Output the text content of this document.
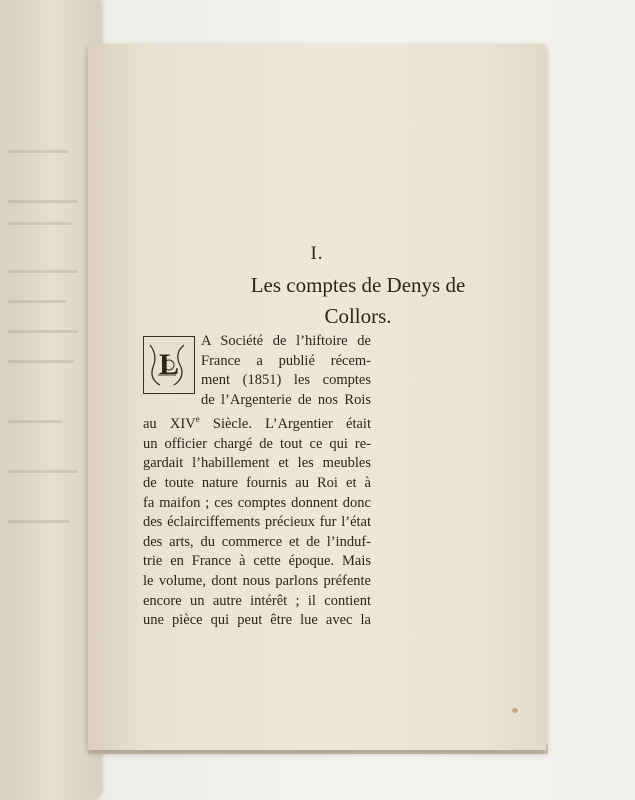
I.
Les comptes de Denys de
Collors.
L
A Société de l’hiftoire de
France a publié récem-
ment (1851) les comptes
de l’Argenterie de nos Rois
au XIVe Siècle. L’Argentier était
un officier chargé de tout ce qui re-
gardait l’habillement et les meubles
de toute nature fournis au Roi et à
fa maifon ; ces comptes donnent donc
des éclairciffements précieux fur l’état
des arts, du commerce et de l’induf-
trie en France à cette époque. Mais
le volume, dont nous parlons préfente
encore un autre intérêt ; il contient
une pièce qui peut être lue avec la
